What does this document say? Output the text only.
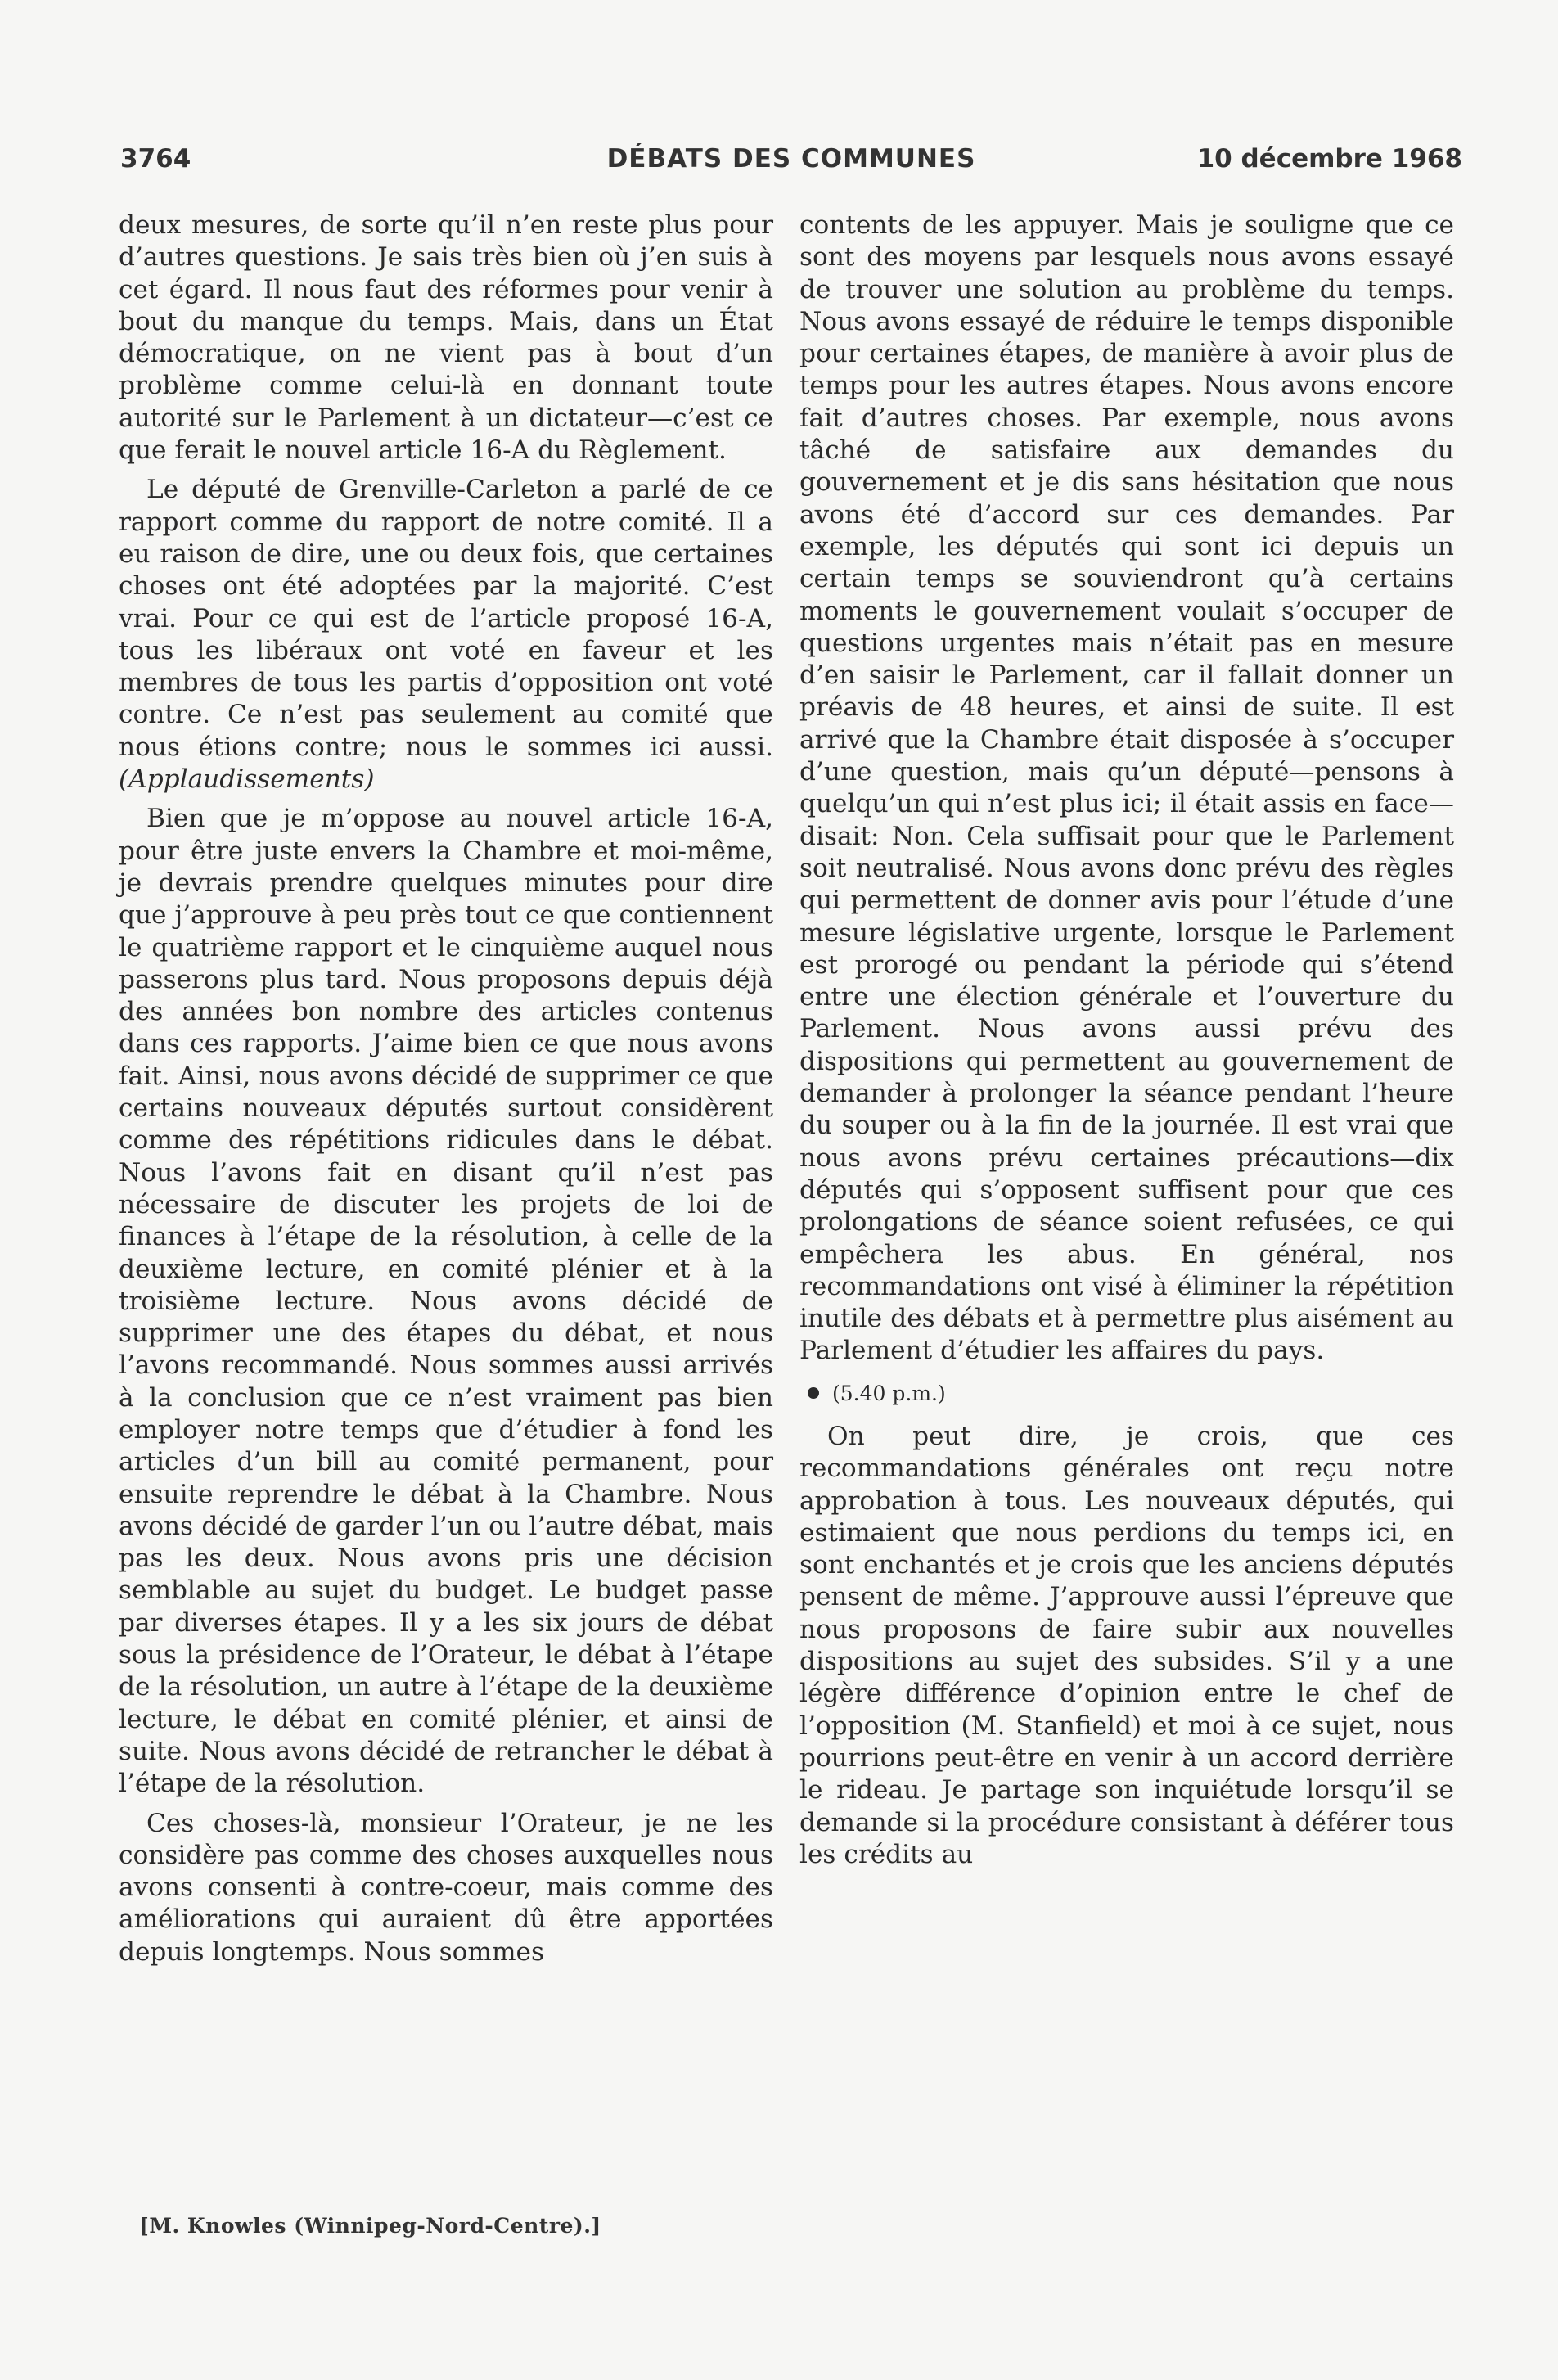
3764	DÉBATS DES COMMUNES	10 décembre 1968

deux mesures, de sorte qu’il n’en reste plus pour d’autres questions. Je sais très bien où j’en suis à cet égard. Il nous faut des réformes pour venir à bout du manque du temps. Mais, dans un État démocratique, on ne vient pas à bout d’un problème comme celui-là en donnant toute autorité sur le Parlement à un dictateur—c’est ce que ferait le nouvel article 16-A du Règlement.

Le député de Grenville-Carleton a parlé de ce rapport comme du rapport de notre comité. Il a eu raison de dire, une ou deux fois, que certaines choses ont été adoptées par la majorité. C’est vrai. Pour ce qui est de l’article proposé 16-A, tous les libéraux ont voté en faveur et les membres de tous les partis d’opposition ont voté contre. Ce n’est pas seulement au comité que nous étions contre; nous le sommes ici aussi. (Applaudissements)

Bien que je m’oppose au nouvel article 16-A, pour être juste envers la Chambre et moi-même, je devrais prendre quelques minutes pour dire que j’approuve à peu près tout ce que contiennent le quatrième rapport et le cinquième auquel nous passerons plus tard. Nous proposons depuis déjà des années bon nombre des articles contenus dans ces rapports. J’aime bien ce que nous avons fait. Ainsi, nous avons décidé de supprimer ce que certains nouveaux députés surtout considèrent comme des répétitions ridicules dans le débat. Nous l’avons fait en disant qu’il n’est pas nécessaire de discuter les projets de loi de finances à l’étape de la résolution, à celle de la deuxième lecture, en comité plénier et à la troisième lecture. Nous avons décidé de supprimer une des étapes du débat, et nous l’avons recommandé. Nous sommes aussi arrivés à la conclusion que ce n’est vraiment pas bien employer notre temps que d’étudier à fond les articles d’un bill au comité permanent, pour ensuite reprendre le débat à la Chambre. Nous avons décidé de garder l’un ou l’autre débat, mais pas les deux. Nous avons pris une décision semblable au sujet du budget. Le budget passe par diverses étapes. Il y a les six jours de débat sous la présidence de l’Orateur, le débat à l’étape de la résolution, un autre à l’étape de la deuxième lecture, le débat en comité plénier, et ainsi de suite. Nous avons décidé de retrancher le débat à l’étape de la résolution.

Ces choses-là, monsieur l’Orateur, je ne les considère pas comme des choses auxquelles nous avons consenti à contre-coeur, mais comme des améliorations qui auraient dû être apportées depuis longtemps. Nous sommes

contents de les appuyer. Mais je souligne que ce sont des moyens par lesquels nous avons essayé de trouver une solution au problème du temps. Nous avons essayé de réduire le temps disponible pour certaines étapes, de manière à avoir plus de temps pour les autres étapes. Nous avons encore fait d’autres choses. Par exemple, nous avons tâché de satisfaire aux demandes du gouvernement et je dis sans hésitation que nous avons été d’accord sur ces demandes. Par exemple, les députés qui sont ici depuis un certain temps se souviendront qu’à certains moments le gouvernement voulait s’occuper de questions urgentes mais n’était pas en mesure d’en saisir le Parlement, car il fallait donner un préavis de 48 heures, et ainsi de suite. Il est arrivé que la Chambre était disposée à s’occuper d’une question, mais qu’un député—pensons à quelqu’un qui n’est plus ici; il était assis en face—disait: Non. Cela suffisait pour que le Parlement soit neutralisé. Nous avons donc prévu des règles qui permettent de donner avis pour l’étude d’une mesure législative urgente, lorsque le Parlement est prorogé ou pendant la période qui s’étend entre une élection générale et l’ouverture du Parlement. Nous avons aussi prévu des dispositions qui permettent au gouvernement de demander à prolonger la séance pendant l’heure du souper ou à la fin de la journée. Il est vrai que nous avons prévu certaines précautions—dix députés qui s’opposent suffisent pour que ces prolongations de séance soient refusées, ce qui empêchera les abus. En général, nos recommandations ont visé à éliminer la répétition inutile des débats et à permettre plus aisément au Parlement d’étudier les affaires du pays.

(5.40 p.m.)

On peut dire, je crois, que ces recommandations générales ont reçu notre approbation à tous. Les nouveaux députés, qui estimaient que nous perdions du temps ici, en sont enchantés et je crois que les anciens députés pensent de même. J’approuve aussi l’épreuve que nous proposons de faire subir aux nouvelles dispositions au sujet des subsides. S’il y a une légère différence d’opinion entre le chef de l’opposition (M. Stanfield) et moi à ce sujet, nous pourrions peut-être en venir à un accord derrière le rideau. Je partage son inquiétude lorsqu’il se demande si la procédure consistant à déférer tous les crédits au

[M. Knowles (Winnipeg-Nord-Centre).]
